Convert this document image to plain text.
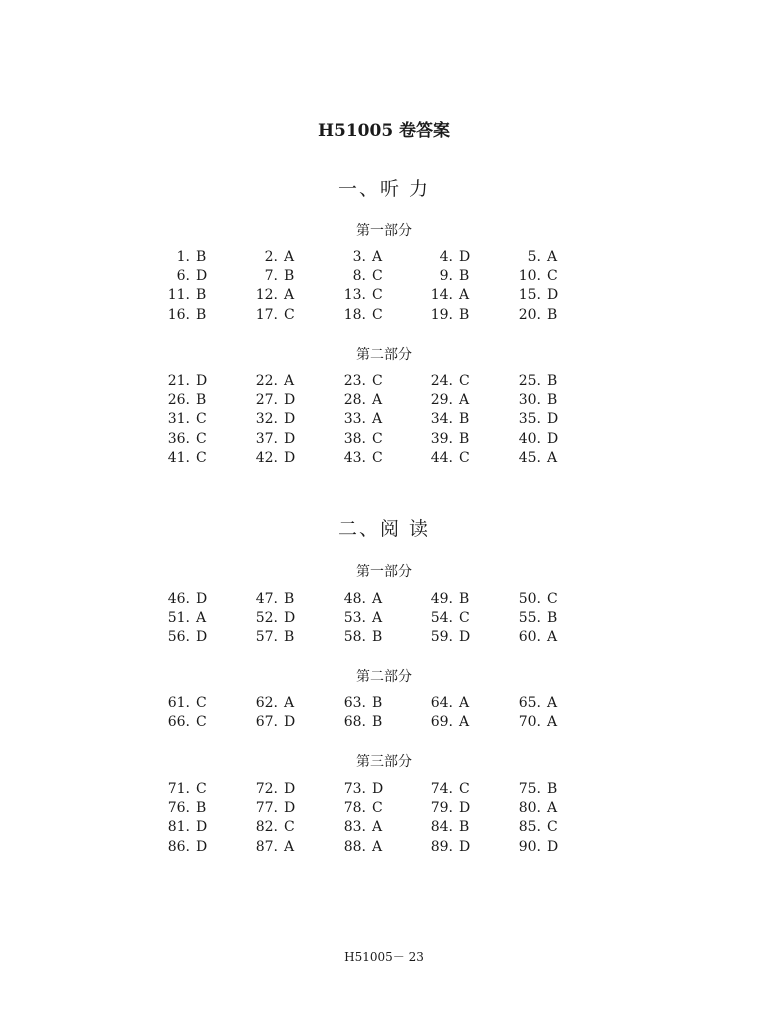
H51005 卷答案
一、听 力
第一部分
1. B	2. A	3. A	4. D	5. A
6. D	7. B	8. C	9. B	10. C
11. B	12. A	13. C	14. A	15. D
16. B	17. C	18. C	19. B	20. B
第二部分
21. D	22. A	23. C	24. C	25. B
26. B	27. D	28. A	29. A	30. B
31. C	32. D	33. A	34. B	35. D
36. C	37. D	38. C	39. B	40. D
41. C	42. D	43. C	44. C	45. A
二、阅 读
第一部分
46. D	47. B	48. A	49. B	50. C
51. A	52. D	53. A	54. C	55. B
56. D	57. B	58. B	59. D	60. A
第二部分
61. C	62. A	63. B	64. A	65. A
66. C	67. D	68. B	69. A	70. A
第三部分
71. C	72. D	73. D	74. C	75. B
76. B	77. D	78. C	79. D	80. A
81. D	82. C	83. A	84. B	85. C
86. D	87. A	88. A	89. D	90. D
H51005－ 23
